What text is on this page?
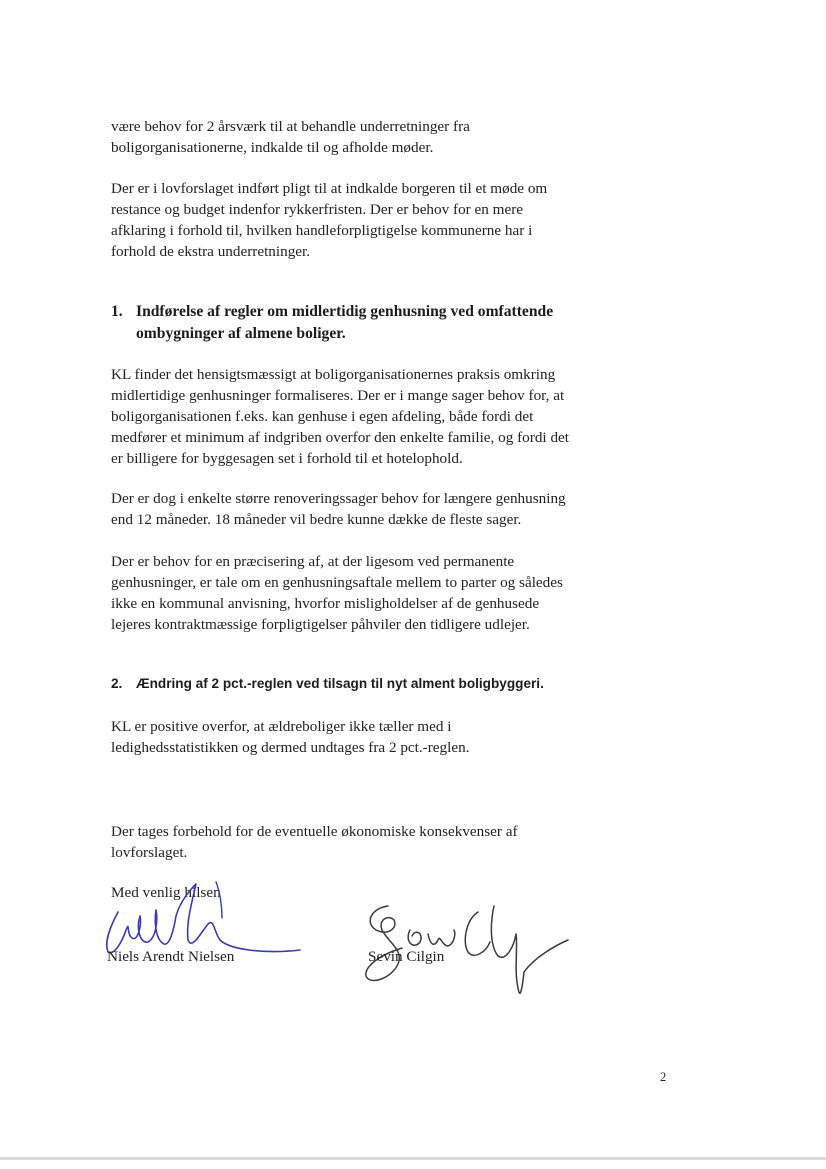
være behov for 2 årsværk til at behandle underretninger fra
boligorganisationerne, indkalde til og afholde møder.

Der er i lovforslaget indført pligt til at indkalde borgeren til et møde om
restance og budget indenfor rykkerfristen. Der er behov for en mere
afklaring i forhold til, hvilken handleforpligtigelse kommunerne har i
forhold de ekstra underretninger.

1. Indførelse af regler om midlertidig genhusning ved omfattende
ombygninger af almene boliger.

KL finder det hensigtsmæssigt at boligorganisationernes praksis omkring
midlertidige genhusninger formaliseres. Der er i mange sager behov for, at
boligorganisationen f.eks. kan genhuse i egen afdeling, både fordi det
medfører et minimum af indgriben overfor den enkelte familie, og fordi det
er billigere for byggesagen set i forhold til et hotelophold.

Der er dog i enkelte større renoveringssager behov for længere genhusning
end 12 måneder. 18 måneder vil bedre kunne dække de fleste sager.

Der er behov for en præcisering af, at der ligesom ved permanente
genhusninger, er tale om en genhusningsaftale mellem to parter og således
ikke en kommunal anvisning, hvorfor misligholdelser af de genhusede
lejeres kontraktmæssige forpligtigelser påhviler den tidligere udlejer.

2. Ændring af 2 pct.-reglen ved tilsagn til nyt alment boligbyggeri.

KL er positive overfor, at ældreboliger ikke tæller med i
ledighedsstatistikken og dermed undtages fra 2 pct.-reglen.

Der tages forbehold for de eventuelle økonomiske konsekvenser af
lovforslaget.

Med venlig hilsen
Niels Arendt Nielsen	Sevin Cilgin
2
